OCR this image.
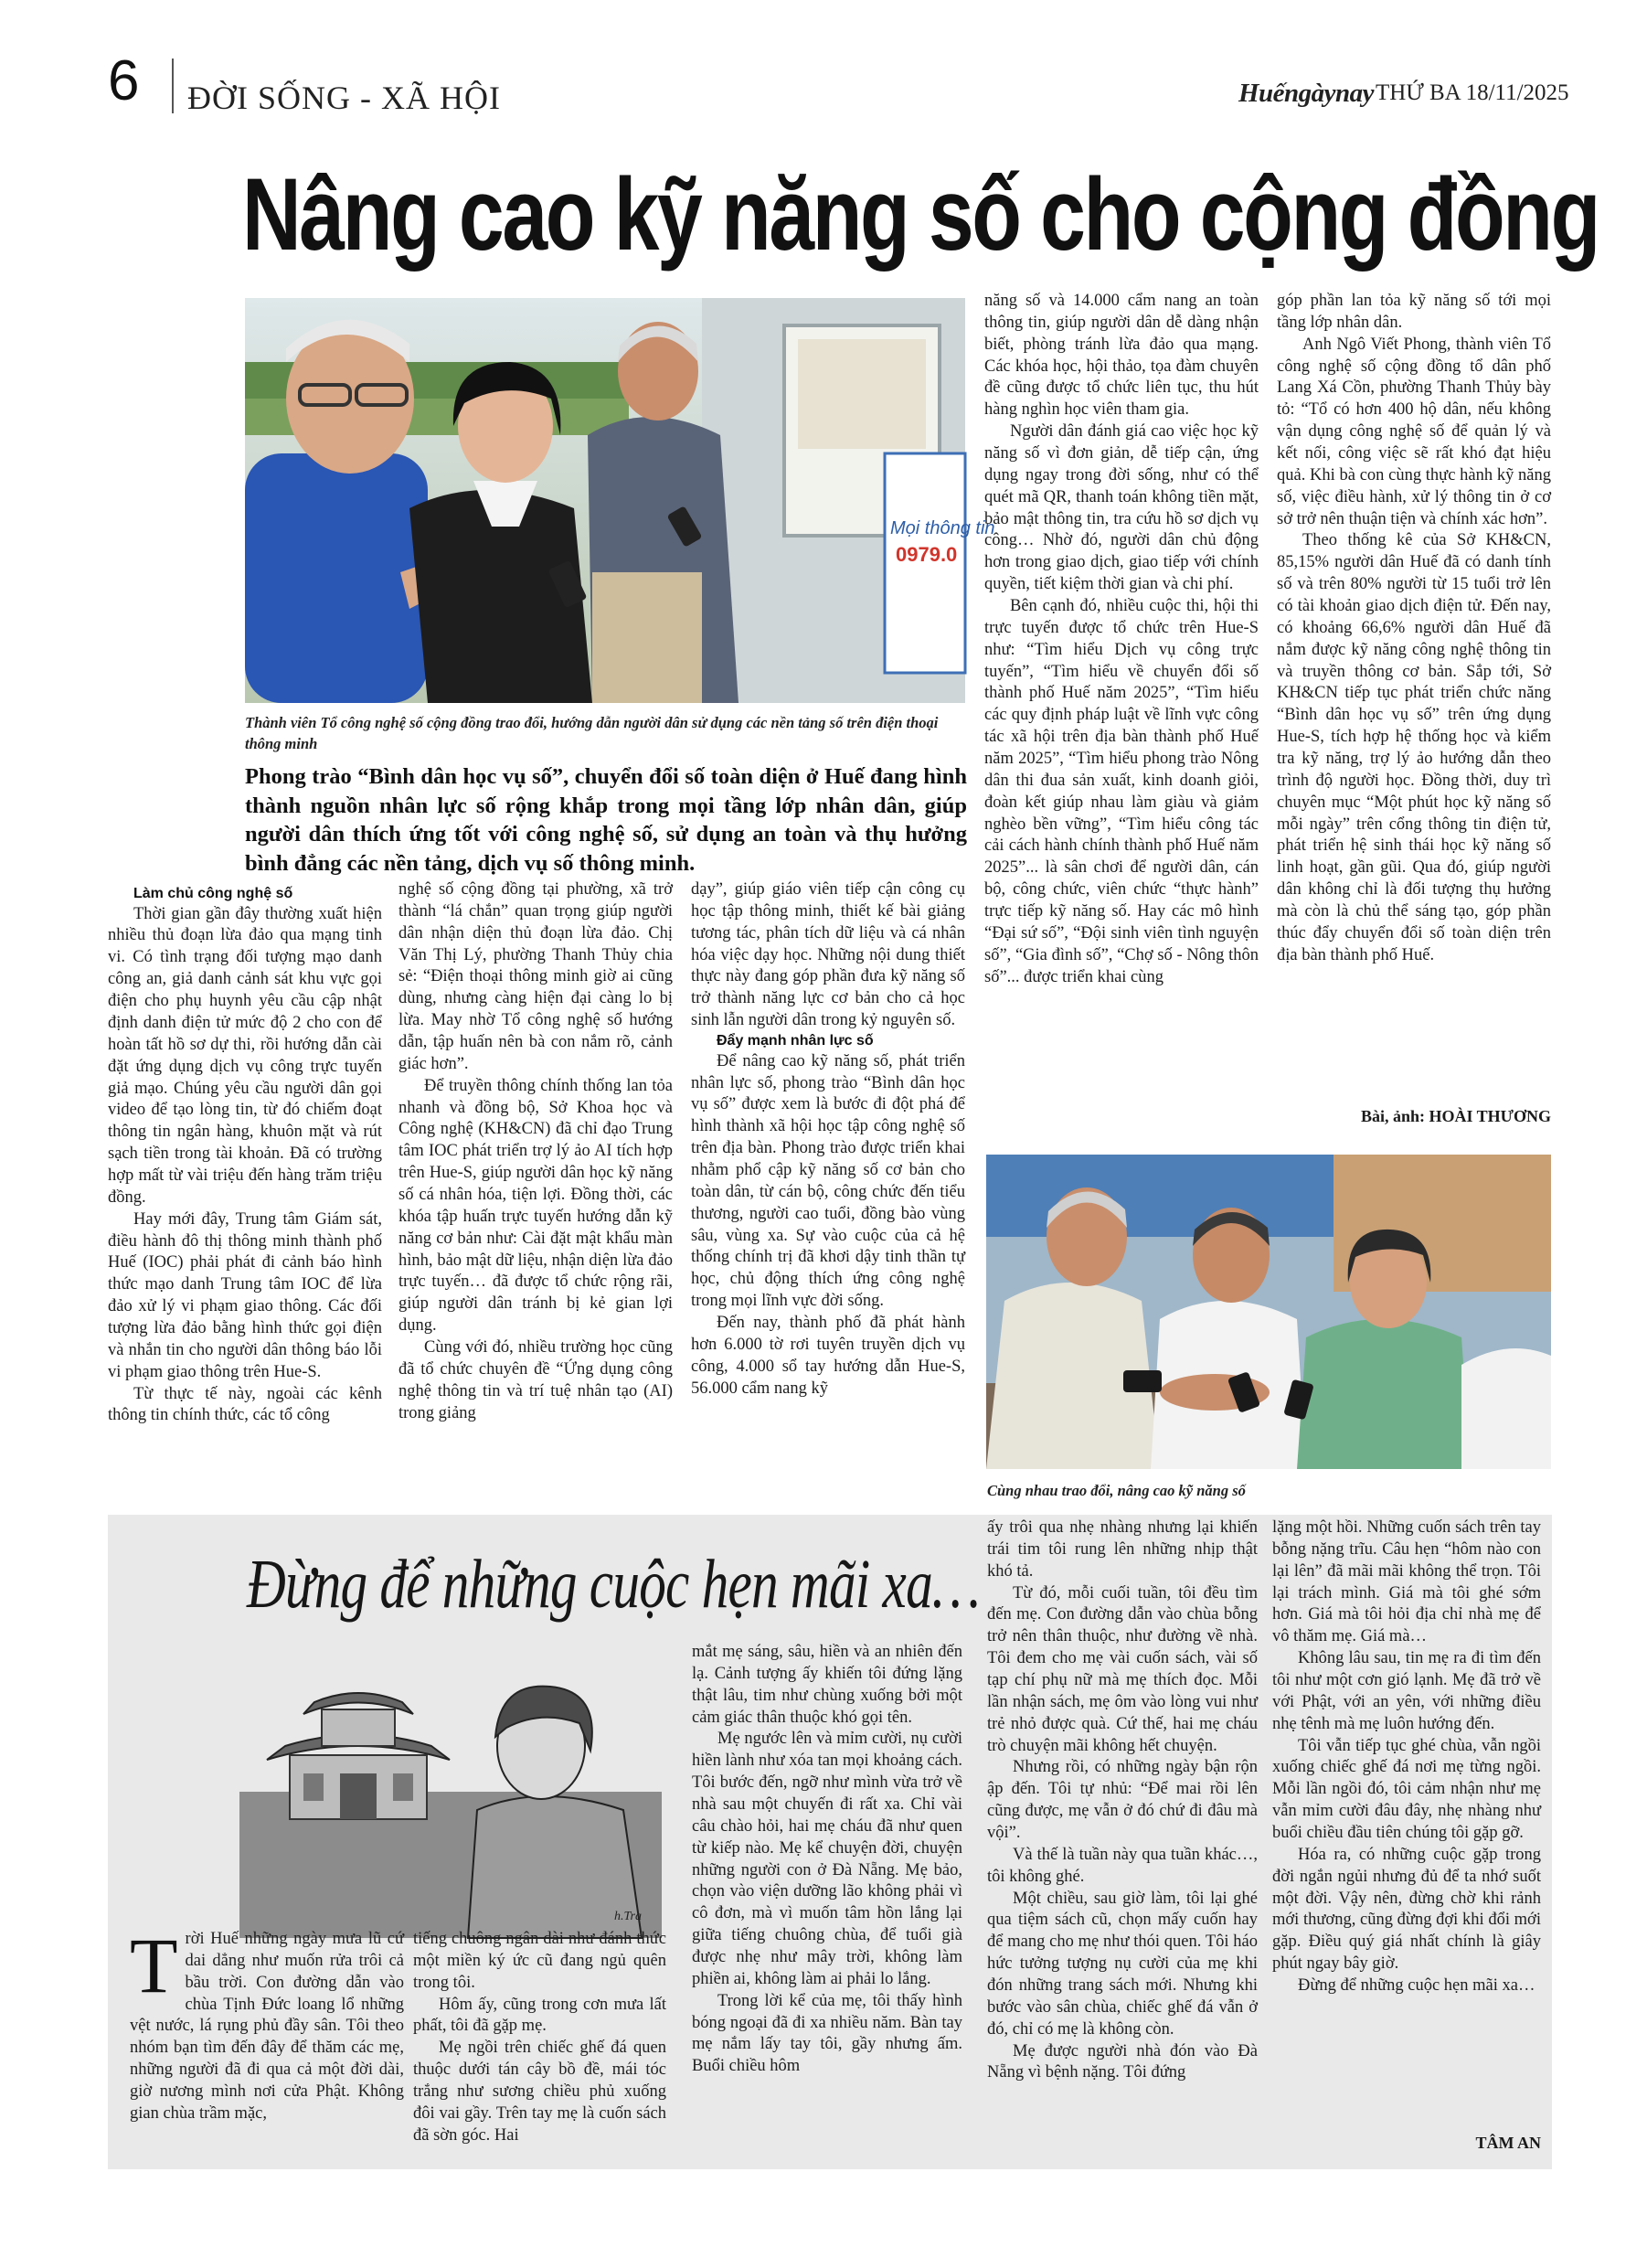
6 ĐỜI SỐNG - XÃ HỘI	Huếngàynay THỨ BA 18/11/2025
Nâng cao kỹ năng số cho cộng đồng
Mọi thông tin
0979.0
Thành viên Tổ công nghệ số cộng đồng trao đổi, hướng dẫn người dân sử dụng các nền tảng số trên điện thoại thông minh
Phong trào “Bình dân học vụ số”, chuyển đổi số toàn diện ở Huế đang hình thành nguồn nhân lực số rộng khắp trong mọi tầng lớp nhân dân, giúp người dân thích ứng tốt với công nghệ số, sử dụng an toàn và thụ hưởng bình đẳng các nền tảng, dịch vụ số thông minh.

Làm chủ công nghệ số

Thời gian gần đây thường xuất hiện nhiều thủ đoạn lừa đảo qua mạng tinh vi. Có tình trạng đối tượng mạo danh công an, giả danh cảnh sát khu vực gọi điện cho phụ huynh yêu cầu cập nhật định danh điện tử mức độ 2 cho con để hoàn tất hồ sơ dự thi, rồi hướng dẫn cài đặt ứng dụng dịch vụ công trực tuyến giả mạo. Chúng yêu cầu người dân gọi video để tạo lòng tin, từ đó chiếm đoạt thông tin ngân hàng, khuôn mặt và rút sạch tiền trong tài khoản. Đã có trường hợp mất từ vài triệu đến hàng trăm triệu đồng.

Hay mới đây, Trung tâm Giám sát, điều hành đô thị thông minh thành phố Huế (IOC) phải phát đi cảnh báo hình thức mạo danh Trung tâm IOC để lừa đảo xử lý vi phạm giao thông. Các đối tượng lừa đảo bằng hình thức gọi điện và nhắn tin cho người dân thông báo lỗi vi phạm giao thông trên Hue-S.

Từ thực tế này, ngoài các kênh thông tin chính thức, các tổ công

nghệ số cộng đồng tại phường, xã trở thành “lá chắn” quan trọng giúp người dân nhận diện thủ đoạn lừa đảo. Chị Văn Thị Lý, phường Thanh Thủy chia sẻ: “Điện thoại thông minh giờ ai cũng dùng, nhưng càng hiện đại càng lo bị lừa. May nhờ Tổ công nghệ số hướng dẫn, tập huấn nên bà con nắm rõ, cảnh giác hơn”.

Để truyền thông chính thống lan tỏa nhanh và đồng bộ, Sở Khoa học và Công nghệ (KH&CN) đã chỉ đạo Trung tâm IOC phát triển trợ lý ảo AI tích hợp trên Hue-S, giúp người dân học kỹ năng số cá nhân hóa, tiện lợi. Đồng thời, các khóa tập huấn trực tuyến hướng dẫn kỹ năng cơ bản như: Cài đặt mật khẩu màn hình, bảo mật dữ liệu, nhận diện lừa đảo trực tuyến… đã được tổ chức rộng rãi, giúp người dân tránh bị kẻ gian lợi dụng.

Cùng với đó, nhiều trường học cũng đã tổ chức chuyên đề “Ứng dụng công nghệ thông tin và trí tuệ nhân tạo (AI) trong giảng

dạy”, giúp giáo viên tiếp cận công cụ học tập thông minh, thiết kế bài giảng tương tác, phân tích dữ liệu và cá nhân hóa việc dạy học. Những nội dung thiết thực này đang góp phần đưa kỹ năng số trở thành năng lực cơ bản cho cả học sinh lẫn người dân trong kỷ nguyên số.

Đẩy mạnh nhân lực số

Để nâng cao kỹ năng số, phát triển nhân lực số, phong trào “Bình dân học vụ số” được xem là bước đi đột phá để hình thành xã hội học tập công nghệ số trên địa bàn. Phong trào được triển khai nhằm phổ cập kỹ năng số cơ bản cho toàn dân, từ cán bộ, công chức đến tiểu thương, người cao tuổi, đồng bào vùng sâu, vùng xa. Sự vào cuộc của cả hệ thống chính trị đã khơi dậy tinh thần tự học, chủ động thích ứng công nghệ trong mọi lĩnh vực đời sống.

Đến nay, thành phố đã phát hành hơn 6.000 tờ rơi tuyên truyền dịch vụ công, 4.000 sổ tay hướng dẫn Hue-S, 56.000 cẩm nang kỹ

năng số và 14.000 cẩm nang an toàn thông tin, giúp người dân dễ dàng nhận biết, phòng tránh lừa đảo qua mạng. Các khóa học, hội thảo, tọa đàm chuyên đề cũng được tổ chức liên tục, thu hút hàng nghìn học viên tham gia.

Người dân đánh giá cao việc học kỹ năng số vì đơn giản, dễ tiếp cận, ứng dụng ngay trong đời sống, như có thể quét mã QR, thanh toán không tiền mặt, bảo mật thông tin, tra cứu hồ sơ dịch vụ công… Nhờ đó, người dân chủ động hơn trong giao dịch, giao tiếp với chính quyền, tiết kiệm thời gian và chi phí.

Bên cạnh đó, nhiều cuộc thi, hội thi trực tuyến được tổ chức trên Hue-S như: “Tìm hiểu Dịch vụ công trực tuyến”, “Tìm hiểu về chuyển đổi số thành phố Huế năm 2025”, “Tìm hiểu các quy định pháp luật về lĩnh vực công tác xã hội trên địa bàn thành phố Huế năm 2025”, “Tìm hiểu phong trào Nông dân thi đua sản xuất, kinh doanh giỏi, đoàn kết giúp nhau làm giàu và giảm nghèo bền vững”, “Tìm hiểu công tác cải cách hành chính thành phố Huế năm 2025”... là sân chơi để người dân, cán bộ, công chức, viên chức “thực hành” trực tiếp kỹ năng số. Hay các mô hình “Đại sứ số”, “Đội sinh viên tình nguyện số”, “Gia đình số”, “Chợ số - Nông thôn số”... được triển khai cùng

góp phần lan tỏa kỹ năng số tới mọi tầng lớp nhân dân.

Anh Ngô Viết Phong, thành viên Tổ công nghệ số cộng đồng tổ dân phố Lang Xá Cồn, phường Thanh Thủy bày tỏ: “Tổ có hơn 400 hộ dân, nếu không vận dụng công nghệ số để quản lý và kết nối, công việc sẽ rất khó đạt hiệu quả. Khi bà con cùng thực hành kỹ năng số, việc điều hành, xử lý thông tin ở cơ sở trở nên thuận tiện và chính xác hơn”.

Theo thống kê của Sở KH&CN, 85,15% người dân Huế đã có danh tính số và trên 80% người từ 15 tuổi trở lên có tài khoản giao dịch điện tử. Đến nay, có khoảng 66,6% người dân Huế đã nắm được kỹ năng công nghệ thông tin và truyền thông cơ bản. Sắp tới, Sở KH&CN tiếp tục phát triển chức năng “Bình dân học vụ số” trên ứng dụng Hue-S, tích hợp hệ thống học và kiểm tra kỹ năng, trợ lý ảo hướng dẫn theo trình độ người học. Đồng thời, duy trì chuyên mục “Một phút học kỹ năng số mỗi ngày” trên cổng thông tin điện tử, phát triển hệ sinh thái học kỹ năng số linh hoạt, gần gũi. Qua đó, giúp người dân không chỉ là đối tượng thụ hưởng mà còn là chủ thể sáng tạo, góp phần thúc đẩy chuyển đổi số toàn diện trên địa bàn thành phố Huế.

Bài, ảnh: HOÀI THƯƠNG
Cùng nhau trao đổi, nâng cao kỹ năng số
Đừng để những cuộc hẹn mãi xa…
h.Tra

Trời Huế những ngày mưa lũ cứ dai dẳng như muốn rửa trôi cả bầu trời. Con đường dẫn vào chùa Tịnh Đức loang lổ những vệt nước, lá rụng phủ đầy sân. Tôi theo nhóm bạn tìm đến đây để thăm các mẹ, những người đã đi qua cả một đời dài, giờ nương mình nơi cửa Phật. Không gian chùa trầm mặc,

tiếng chuông ngân dài như đánh thức một miền ký ức cũ đang ngủ quên trong tôi.

Hôm ấy, cũng trong cơn mưa lất phất, tôi đã gặp mẹ.

Mẹ ngồi trên chiếc ghế đá quen thuộc dưới tán cây bồ đề, mái tóc trắng như sương chiều phủ xuống đôi vai gầy. Trên tay mẹ là cuốn sách đã sờn góc. Hai

mắt mẹ sáng, sâu, hiền và an nhiên đến lạ. Cảnh tượng ấy khiến tôi đứng lặng thật lâu, tim như chùng xuống bởi một cảm giác thân thuộc khó gọi tên.

Mẹ ngước lên và mỉm cười, nụ cười hiền lành như xóa tan mọi khoảng cách. Tôi bước đến, ngỡ như mình vừa trở về nhà sau một chuyến đi rất xa. Chỉ vài câu chào hỏi, hai mẹ cháu đã như quen từ kiếp nào. Mẹ kể chuyện đời, chuyện những người con ở Đà Nẵng. Mẹ bảo, chọn vào viện dưỡng lão không phải vì cô đơn, mà vì muốn tâm hồn lắng lại giữa tiếng chuông chùa, để tuổi già được nhẹ như mây trời, không làm phiền ai, không làm ai phải lo lắng.

Trong lời kể của mẹ, tôi thấy hình bóng ngoại đã đi xa nhiều năm. Bàn tay mẹ nắm lấy tay tôi, gầy nhưng ấm. Buổi chiều hôm

ấy trôi qua nhẹ nhàng nhưng lại khiến trái tim tôi rung lên những nhịp thật khó tả.

Từ đó, mỗi cuối tuần, tôi đều tìm đến mẹ. Con đường dẫn vào chùa bỗng trở nên thân thuộc, như đường về nhà. Tôi đem cho mẹ vài cuốn sách, vài số tạp chí phụ nữ mà mẹ thích đọc. Mỗi lần nhận sách, mẹ ôm vào lòng vui như trẻ nhỏ được quà. Cứ thế, hai mẹ cháu trò chuyện mãi không hết chuyện.

Nhưng rồi, có những ngày bận rộn ập đến. Tôi tự nhủ: “Để mai rồi lên cũng được, mẹ vẫn ở đó chứ đi đâu mà vội”.

Và thế là tuần này qua tuần khác…, tôi không ghé.

Một chiều, sau giờ làm, tôi lại ghé qua tiệm sách cũ, chọn mấy cuốn hay để mang cho mẹ như thói quen. Tôi háo hức tưởng tượng nụ cười của mẹ khi đón những trang sách mới. Nhưng khi bước vào sân chùa, chiếc ghế đá vẫn ở đó, chỉ có mẹ là không còn.

Mẹ được người nhà đón vào Đà Nẵng vì bệnh nặng. Tôi đứng

lặng một hồi. Những cuốn sách trên tay bỗng nặng trĩu. Câu hẹn “hôm nào con lại lên” đã mãi mãi không thể trọn. Tôi lại trách mình. Giá mà tôi ghé sớm hơn. Giá mà tôi hỏi địa chỉ nhà mẹ để vô thăm mẹ. Giá mà…

Không lâu sau, tin mẹ ra đi tìm đến tôi như một cơn gió lạnh. Mẹ đã trở về với Phật, với an yên, với những điều nhẹ tênh mà mẹ luôn hướng đến.

Tôi vẫn tiếp tục ghé chùa, vẫn ngồi xuống chiếc ghế đá nơi mẹ từng ngồi. Mỗi lần ngồi đó, tôi cảm nhận như mẹ vẫn mỉm cười đâu đây, nhẹ nhàng như buổi chiều đầu tiên chúng tôi gặp gỡ.

Hóa ra, có những cuộc gặp trong đời ngắn ngủi nhưng đủ để ta nhớ suốt một đời. Vậy nên, đừng chờ khi rảnh mới thương, cũng đừng đợi khi đổi mới gặp. Điều quý giá nhất chính là giây phút ngay bây giờ.

Đừng để những cuộc hẹn mãi xa…

TÂM AN
